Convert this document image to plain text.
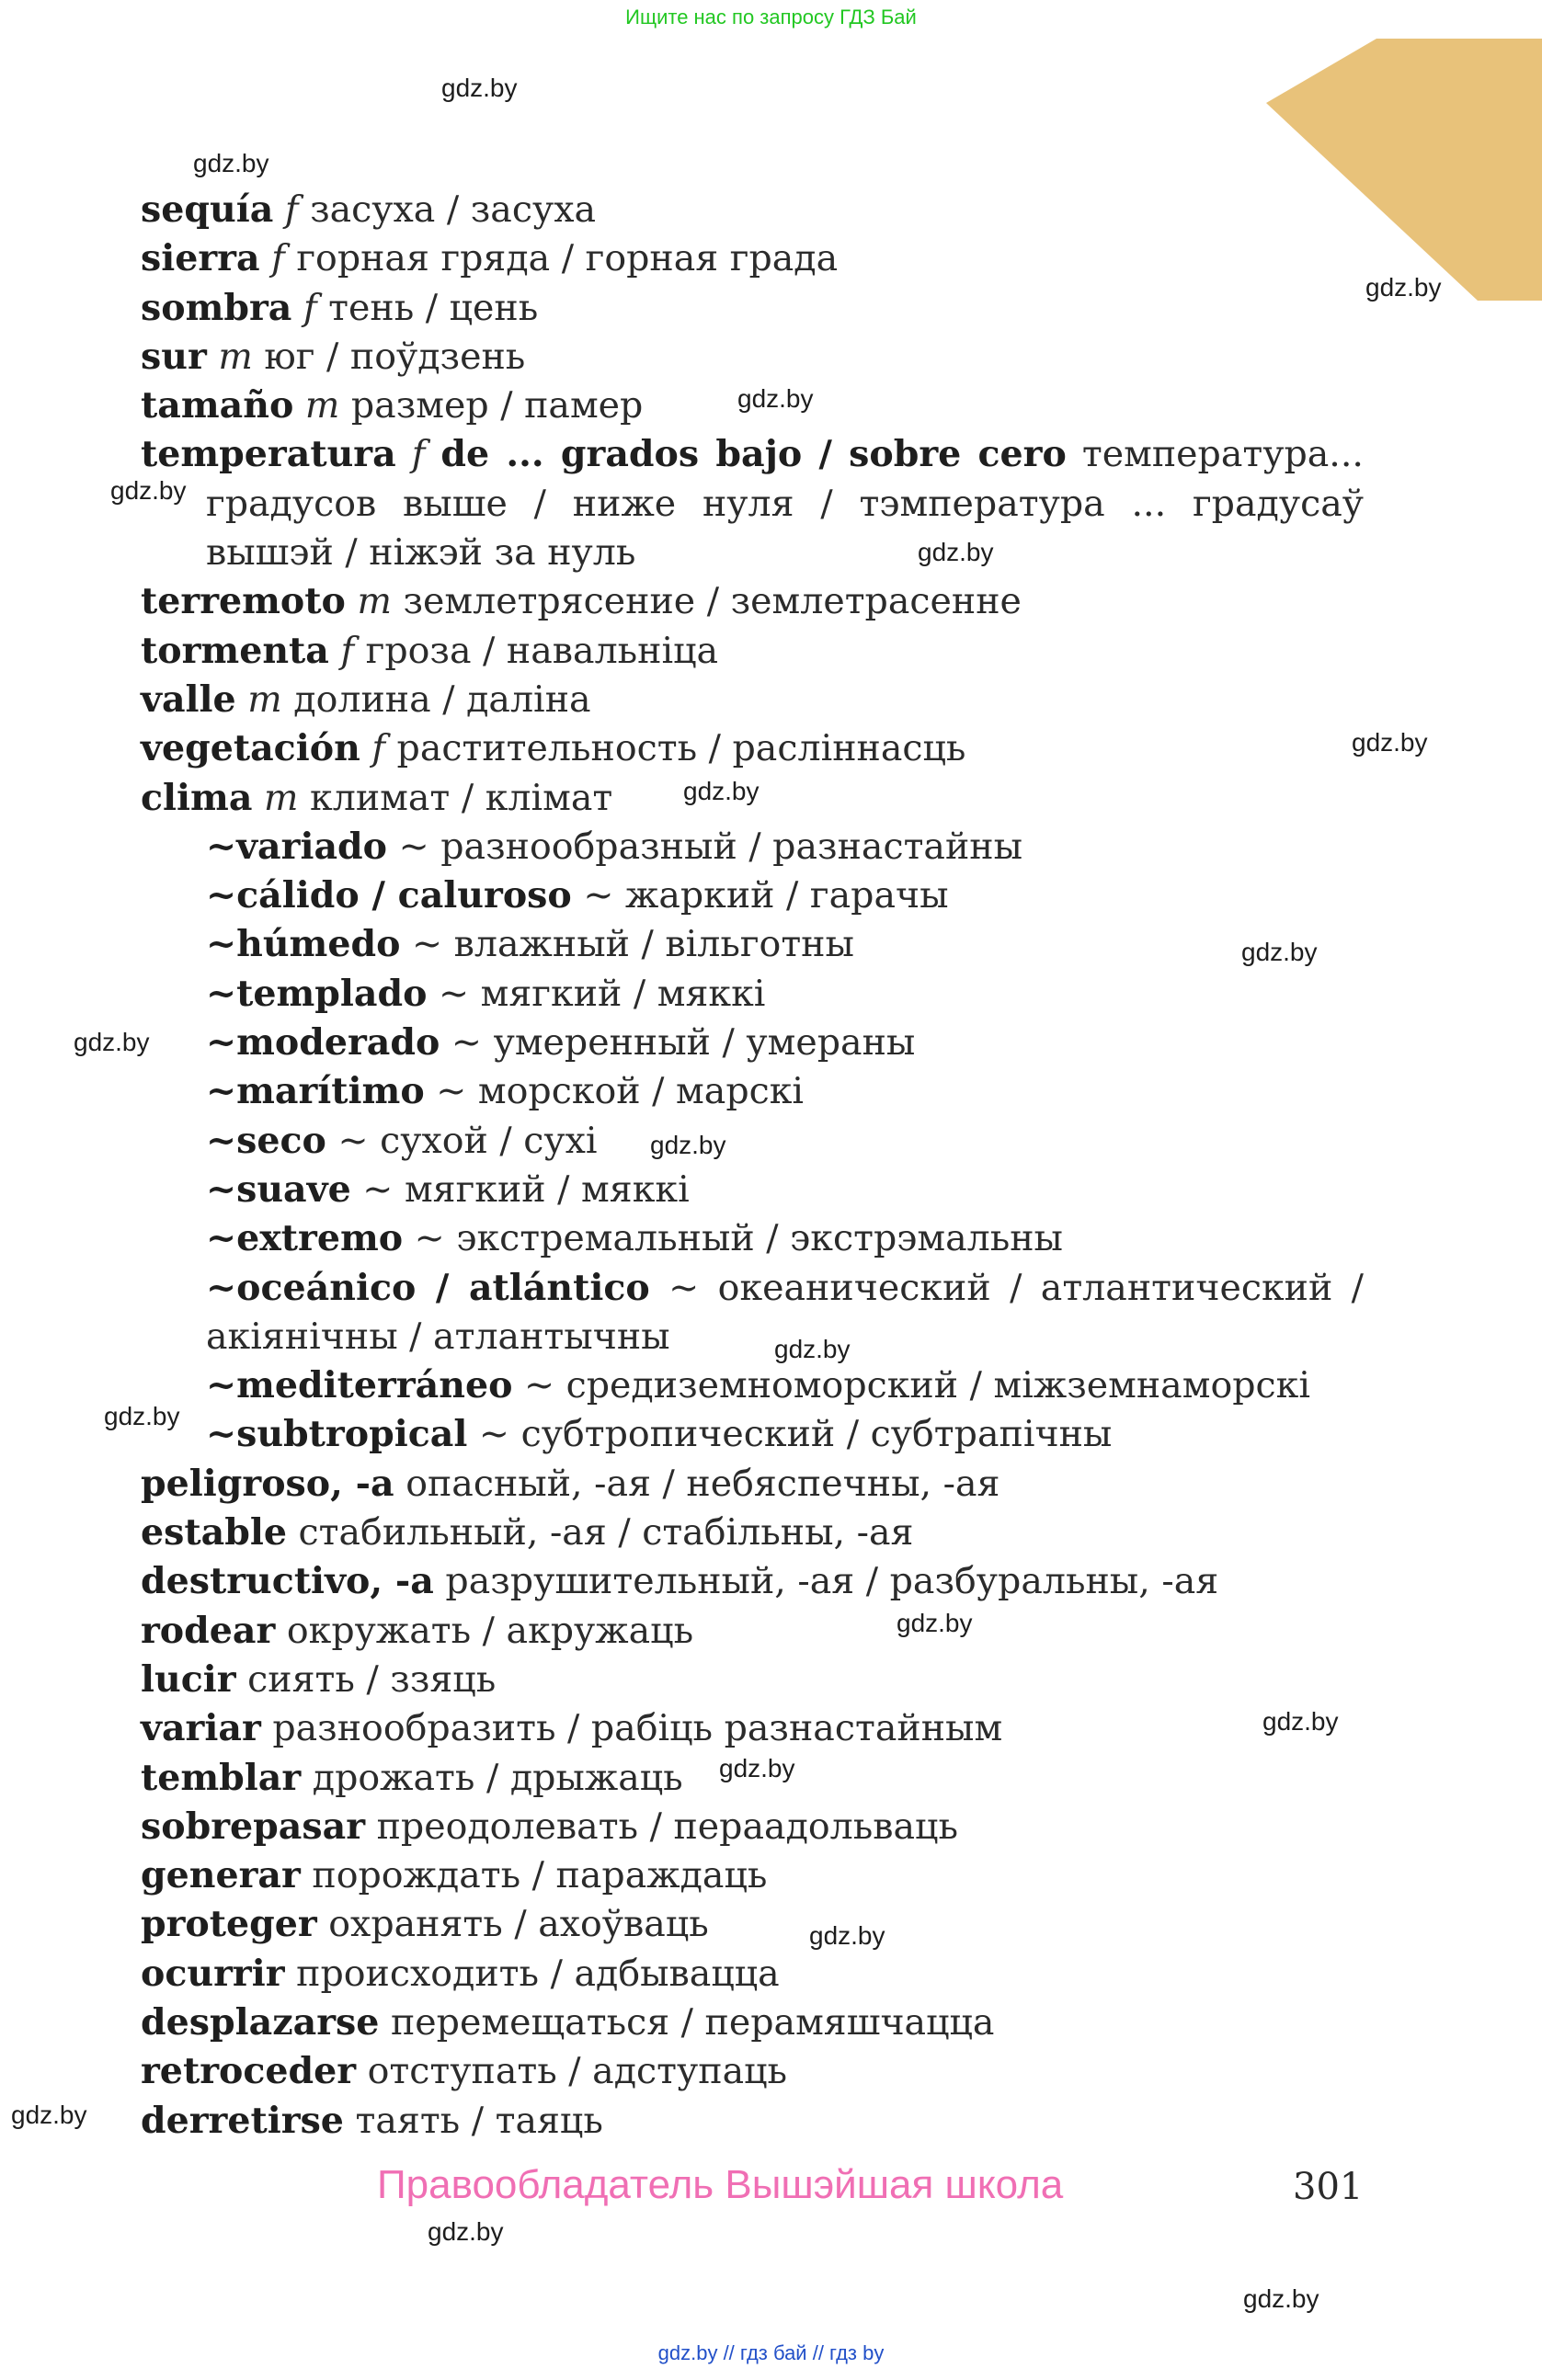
Ищите нас по запросу ГДЗ Бай
gdz.by
gdz.by
gdz.by
gdz.by
gdz.by
gdz.by
gdz.by
gdz.by
gdz.by
gdz.by
gdz.by
gdz.by
gdz.by
gdz.by
gdz.by
gdz.by
gdz.by
gdz.by
gdz.by
gdz.by
sequía f засуха / засуха
sierra f горная гряда / горная града
sombra f тень / цень
sur m юг / поўдзень
tamaño m размер / памер
temperatura f de ... grados bajo / sobre cero температура...
градусов выше / ниже нуля / тэмпература ... градусаў
вышэй / ніжэй за нуль
terremoto m землетрясение / землетрасенне
tormenta f гроза / навальніца
valle m долина / даліна
vegetación f растительность / расліннасць
clima m климат / клімат
~variado ~ разнообразный / разнастайны
~cálido / caluroso ~ жаркий / гарачы
~húmedo ~ влажный / вільготны
~templado ~ мягкий / мяккі
~moderado ~ умеренный / умераны
~marítimo ~ морской / марскі
~seco ~ сухой / сухі
~suave ~ мягкий / мяккі
~extremo ~ экстремальный / экстрэмальны
~oceánico / atlántico ~ океанический / атлантический /
акіянічны / атлантычны
~mediterráneo ~ средиземноморский / міжземнаморскі
~subtropical ~ субтропический / субтрапічны
peligroso, -a опасный, -ая / небяспечны, -ая
estable стабильный, -ая / стабільны, -ая
destructivo, -a разрушительный, -ая / разбуральны, -ая
rodear окружать / акружаць
lucir сиять / ззяць
variar разнообразить / рабіць разнастайным
temblar дрожать / дрыжаць
sobrepasar преодолевать / пераадольваць
generar порождать / параждаць
proteger охранять / ахоўваць
ocurrir происходить / адбывацца
desplazarse перемещаться / перамяшчацца
retroceder отступать / адступаць
derretirse таять / таяць
Правообладатель Вышэйшая школа	301
gdz.by // гдз бай // гдз by
